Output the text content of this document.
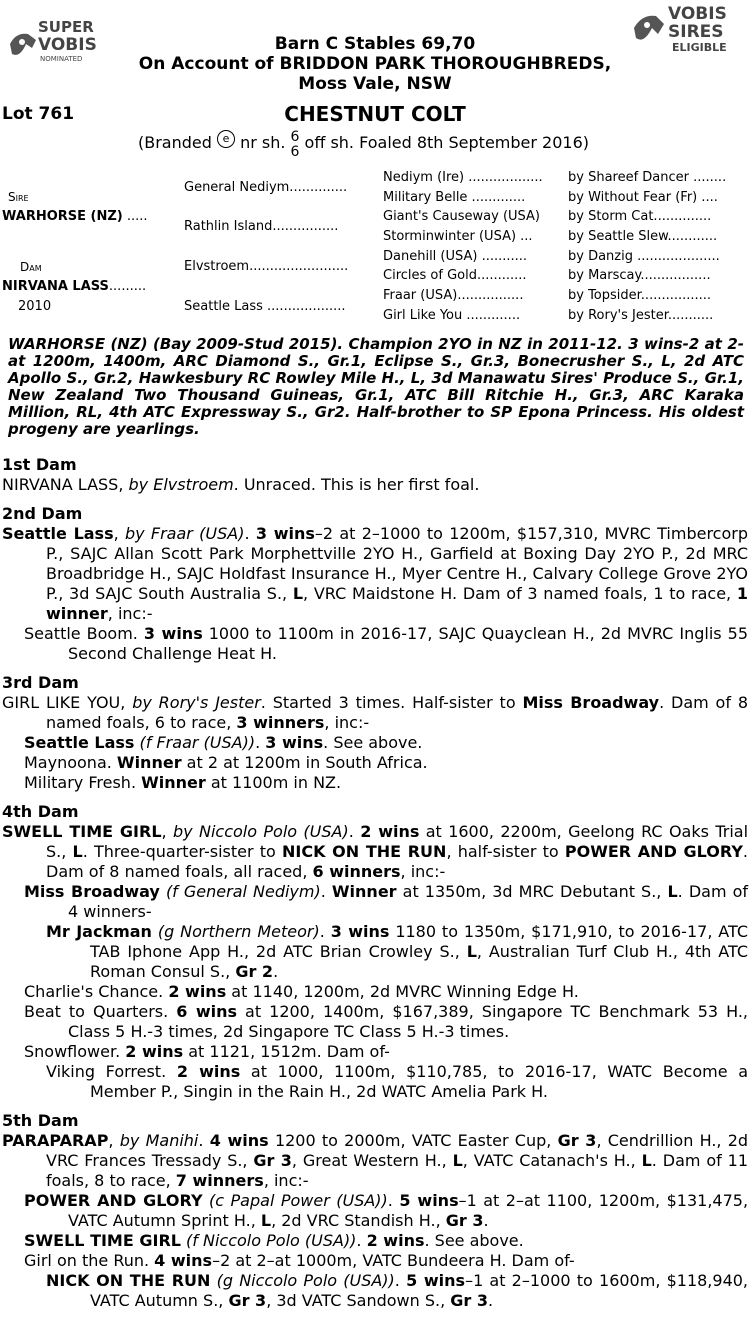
SUPER
VOBIS
NOMINATED
VOBIS
SIRES
ELIGIBLE
Barn C Stables 69,70
On Account of BRIDDON PARK THOROUGHBREDS,
Moss Vale, NSW
Lot 761	CHESTNUT COLT
(Branded e nr sh. 6
6 off sh. Foaled 8th September 2016)
Sire
WARHORSE (NZ) .....
Dam
NIRVANA LASS.........
2010
General Nediym..............
Rathlin Island................
Elvstroem........................
Seattle Lass ...................
Nediym (Ire) .................. by Shareef Dancer ........
Military Belle .............	by Without Fear (Fr) ....
Giant's Causeway (USA) by Storm Cat..............
Storminwinter (USA) ...	by Seattle Slew............
Danehill (USA) ...........	by Danzig ....................
Circles of Gold............	by Marscay.................
Fraar (USA)................	by Topsider.................
Girl Like You .............	by Rory's Jester...........
WARHORSE (NZ) (Bay 2009-Stud 2015). Champion 2YO in NZ in 2011-12. 3 wins-2 at 2-at 1200m, 1400m, ARC Diamond S., Gr.1, Eclipse S., Gr.3, Bonecrusher S., L, 2d ATC Apollo S., Gr.2, Hawkesbury RC Rowley Mile H., L, 3d Manawatu Sires' Produce S., Gr.1, New Zealand Two Thousand Guineas, Gr.1, ATC Bill Ritchie H., Gr.3, ARC Karaka Million, RL, 4th ATC Expressway S., Gr2. Half-brother to SP Epona Princess. His oldest progeny are yearlings.

1st Dam

NIRVANA LASS, by Elvstroem. Unraced. This is her first foal.

2nd Dam

Seattle Lass, by Fraar (USA). 3 wins–2 at 2–1000 to 1200m, $157,310, MVRC Timbercorp P., SAJC Allan Scott Park Morphettville 2YO H., Garfield at Boxing Day 2YO P., 2d MRC Broadbridge H., SAJC Holdfast Insurance H., Myer Centre H., Calvary College Grove 2YO P., 3d SAJC South Australia S., L, VRC Maidstone H. Dam of 3 named foals, 1 to race, 1 winner, inc:-

Seattle Boom. 3 wins 1000 to 1100m in 2016-17, SAJC Quayclean H., 2d MVRC Inglis 55 Second Challenge Heat H.

3rd Dam

GIRL LIKE YOU, by Rory's Jester. Started 3 times. Half-sister to Miss Broadway. Dam of 8 named foals, 6 to race, 3 winners, inc:-

Seattle Lass (f Fraar (USA)). 3 wins. See above.

Maynoona. Winner at 2 at 1200m in South Africa.

Military Fresh. Winner at 1100m in NZ.

4th Dam

SWELL TIME GIRL, by Niccolo Polo (USA). 2 wins at 1600, 2200m, Geelong RC Oaks Trial S., L. Three-quarter-sister to NICK ON THE RUN, half-sister to POWER AND GLORY. Dam of 8 named foals, all raced, 6 winners, inc:-

Miss Broadway (f General Nediym). Winner at 1350m, 3d MRC Debutant S., L. Dam of 4 winners-

Mr Jackman (g Northern Meteor). 3 wins 1180 to 1350m, $171,910, to 2016-17, ATC TAB Iphone App H., 2d ATC Brian Crowley S., L, Australian Turf Club H., 4th ATC Roman Consul S., Gr 2.

Charlie's Chance. 2 wins at 1140, 1200m, 2d MVRC Winning Edge H.

Beat to Quarters. 6 wins at 1200, 1400m, $167,389, Singapore TC Benchmark 53 H., Class 5 H.-3 times, 2d Singapore TC Class 5 H.-3 times.

Snowflower. 2 wins at 1121, 1512m. Dam of-

Viking Forrest. 2 wins at 1000, 1100m, $110,785, to 2016-17, WATC Become a Member P., Singin in the Rain H., 2d WATC Amelia Park H.

5th Dam

PARAPARAP, by Manihi. 4 wins 1200 to 2000m, VATC Easter Cup, Gr 3, Cendrillion H., 2d VRC Frances Tressady S., Gr 3, Great Western H., L, VATC Catanach's H., L. Dam of 11 foals, 8 to race, 7 winners, inc:-

POWER AND GLORY (c Papal Power (USA)). 5 wins–1 at 2–at 1100, 1200m, $131,475, VATC Autumn Sprint H., L, 2d VRC Standish H., Gr 3.

SWELL TIME GIRL (f Niccolo Polo (USA)). 2 wins. See above.

Girl on the Run. 4 wins–2 at 2–at 1000m, VATC Bundeera H. Dam of-

NICK ON THE RUN (g Niccolo Polo (USA)). 5 wins–1 at 2–1000 to 1600m, $118,940, VATC Autumn S., Gr 3, 3d VATC Sandown S., Gr 3.
